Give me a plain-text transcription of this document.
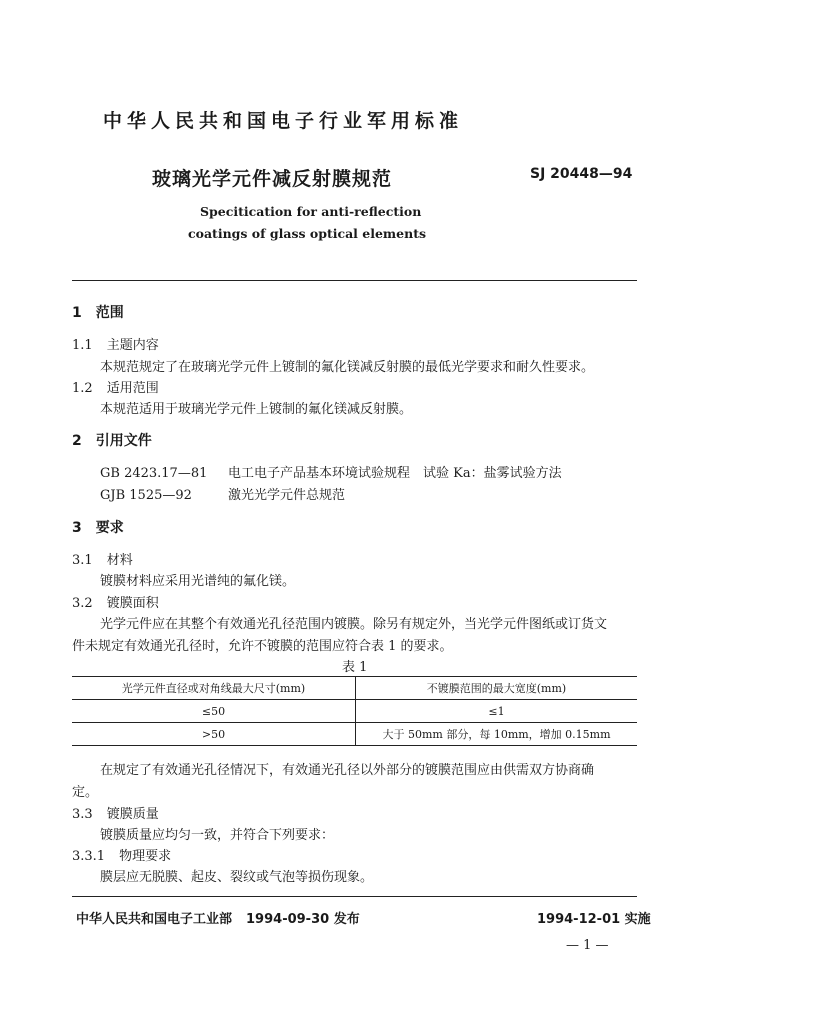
中华人民共和国电子行业军用标准
玻璃光学元件减反射膜规范	SJ 20448—94
Specitication for anti-reflection
coatings of glass optical elements
1 范围
1.1 主题内容
本规范规定了在玻璃光学元件上镀制的氟化镁减反射膜的最低光学要求和耐久性要求。
1.2 适用范围
本规范适用于玻璃光学元件上镀制的氟化镁减反射膜。
2 引用文件
GB 2423.17—81 电工电子产品基本环境试验规程　试验 Ka：盐雾试验方法
GJB 1525—92	激光光学元件总规范
3 要求
3.1 材料
镀膜材料应采用光谱纯的氟化镁。
3.2 镀膜面积
光学元件应在其整个有效通光孔径范围内镀膜。除另有规定外，当光学元件图纸或订货文
件未规定有效通光孔径时，允许不镀膜的范围应符合表 1 的要求。
表 1
光学元件直径或对角线最大尺寸(mm)	不镀膜范围的最大宽度(mm)
≤50	≤1
>50	大于 50mm 部分，每 10mm，增加 0.15mm
在规定了有效通光孔径情况下，有效通光孔径以外部分的镀膜范围应由供需双方协商确
定。
3.3 镀膜质量
镀膜质量应均匀一致，并符合下列要求：
3.3.1 物理要求
膜层应无脱膜、起皮、裂纹或气泡等损伤现象。
中华人民共和国电子工业部 1994-09-30 发布	1994-12-01 实施
— 1 —
